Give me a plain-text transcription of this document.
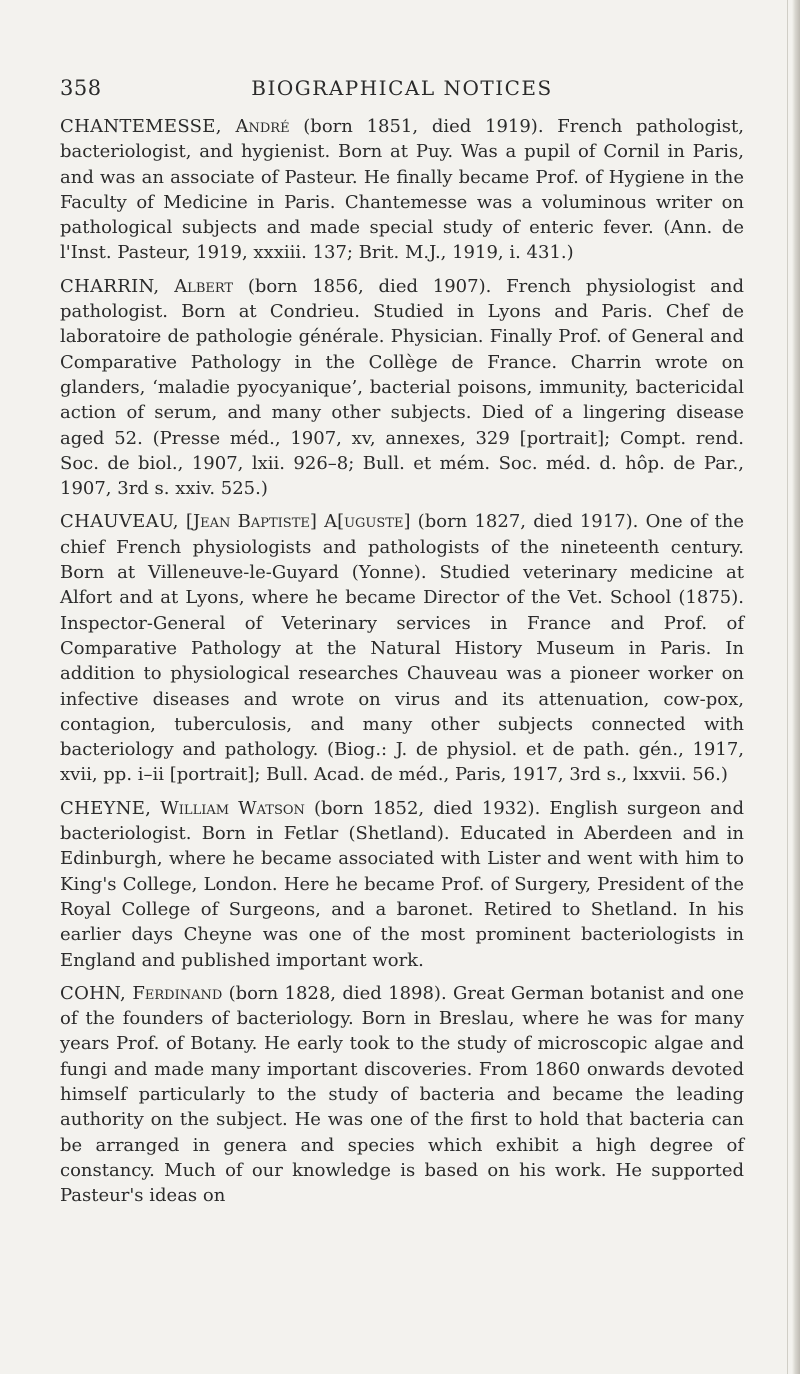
358	BIOGRAPHICAL NOTICES

CHANTEMESSE, André (born 1851, died 1919). French pathologist, bacteriologist, and hygienist. Born at Puy. Was a pupil of Cornil in Paris, and was an associate of Pasteur. He finally became Prof. of Hygiene in the Faculty of Medicine in Paris. Chantemesse was a voluminous writer on pathological subjects and made special study of enteric fever. (Ann. de l'Inst. Pasteur, 1919, xxxiii. 137; Brit. M.J., 1919, i. 431.)

CHARRIN, Albert (born 1856, died 1907). French physiologist and pathologist. Born at Condrieu. Studied in Lyons and Paris. Chef de laboratoire de pathologie générale. Physician. Finally Prof. of General and Comparative Pathology in the Collège de France. Charrin wrote on glanders, ‘maladie pyocyanique’, bacterial poisons, immunity, bactericidal action of serum, and many other subjects. Died of a lingering disease aged 52. (Presse méd., 1907, xv, annexes, 329 [portrait]; Compt. rend. Soc. de biol., 1907, lxii. 926–8; Bull. et mém. Soc. méd. d. hôp. de Par., 1907, 3rd s. xxiv. 525.)

CHAUVEAU, [Jean Baptiste] A[uguste] (born 1827, died 1917). One of the chief French physiologists and pathologists of the nineteenth century. Born at Villeneuve-le-Guyard (Yonne). Studied veterinary medicine at Alfort and at Lyons, where he became Director of the Vet. School (1875). Inspector-General of Veterinary services in France and Prof. of Comparative Pathology at the Natural History Museum in Paris. In addition to physiological researches Chauveau was a pioneer worker on infective diseases and wrote on virus and its attenuation, cow-pox, contagion, tuberculosis, and many other subjects connected with bacteriology and pathology. (Biog.: J. de physiol. et de path. gén., 1917, xvii, pp. i–ii [portrait]; Bull. Acad. de méd., Paris, 1917, 3rd s., lxxvii. 56.)

CHEYNE, William Watson (born 1852, died 1932). English surgeon and bacteriologist. Born in Fetlar (Shetland). Educated in Aberdeen and in Edinburgh, where he became associated with Lister and went with him to King's College, London. Here he became Prof. of Surgery, President of the Royal College of Surgeons, and a baronet. Retired to Shetland. In his earlier days Cheyne was one of the most prominent bacteriologists in England and published important work.

COHN, Ferdinand (born 1828, died 1898). Great German botanist and one of the founders of bacteriology. Born in Breslau, where he was for many years Prof. of Botany. He early took to the study of microscopic algae and fungi and made many important discoveries. From 1860 onwards devoted himself particularly to the study of bacteria and became the leading authority on the subject. He was one of the first to hold that bacteria can be arranged in genera and species which exhibit a high degree of constancy. Much of our knowledge is based on his work. He supported Pasteur's ideas on
